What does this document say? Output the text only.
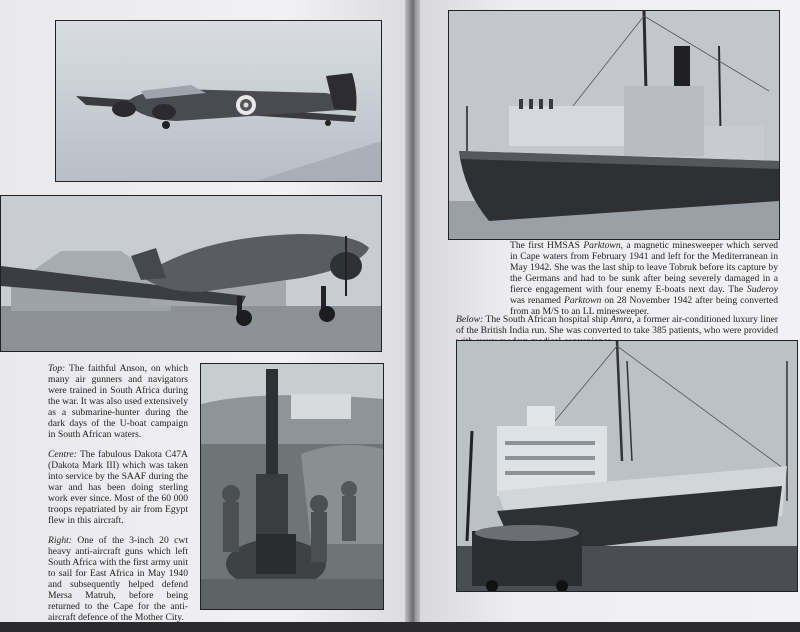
Top: The faithful Anson, on which many air gunners and navigators were trained in South Africa during the war. It was also used extensively as a submarine-hunter during the dark days of the U-boat campaign in South African waters.

Centre: The fabulous Dakota C47A (Dakota Mark III) which was taken into service by the SAAF during the war and has been doing sterling work ever since. Most of the 60 000 troops repatriated by air from Egypt flew in this aircraft.

Right: One of the 3-inch 20 cwt heavy anti-aircraft guns which left South Africa with the first army unit to sail for East Africa in May 1940 and subsequently helped defend Mersa Matruh, before being returned to the Cape for the anti-aircraft defence of the Mother City.

The first HMSAS Parktown, a magnetic minesweeper which served in Cape waters from February 1941 and left for the Mediterranean in May 1942. She was the last ship to leave Tobruk before its capture by the Germans and had to be sunk after being severely damaged in a fierce engagement with four enemy E-boats next day. The Suderoy was renamed Parktown on 28 November 1942 after being converted from an M/S to an LL minesweeper.

Below: The South African hospital ship Amra, a former air-conditioned luxury liner of the British India run. She was converted to take 385 patients, who were provided
